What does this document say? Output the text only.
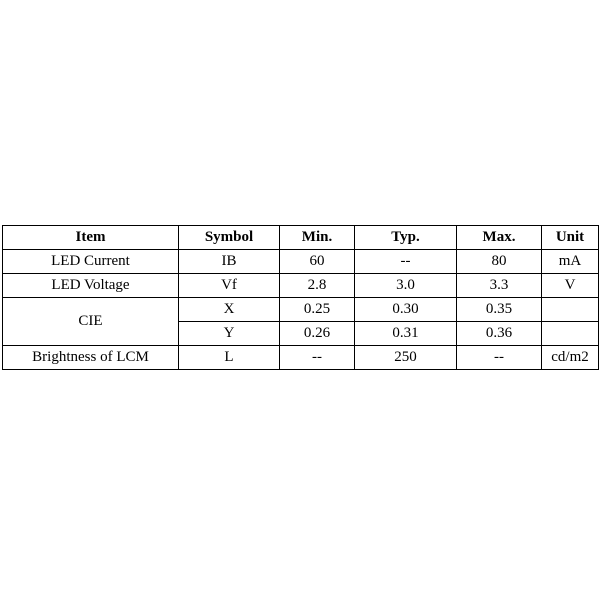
Item	Symbol	Min.	Typ.	Max.	Unit
LED Current	IB	60	--	80	mA
LED Voltage	Vf	2.8	3.0	3.3	V
CIE	X	0.25	0.30	0.35	
	Y	0.26	0.31	0.36	
Brightness of LCM	L	--	250	--	cd/m2
